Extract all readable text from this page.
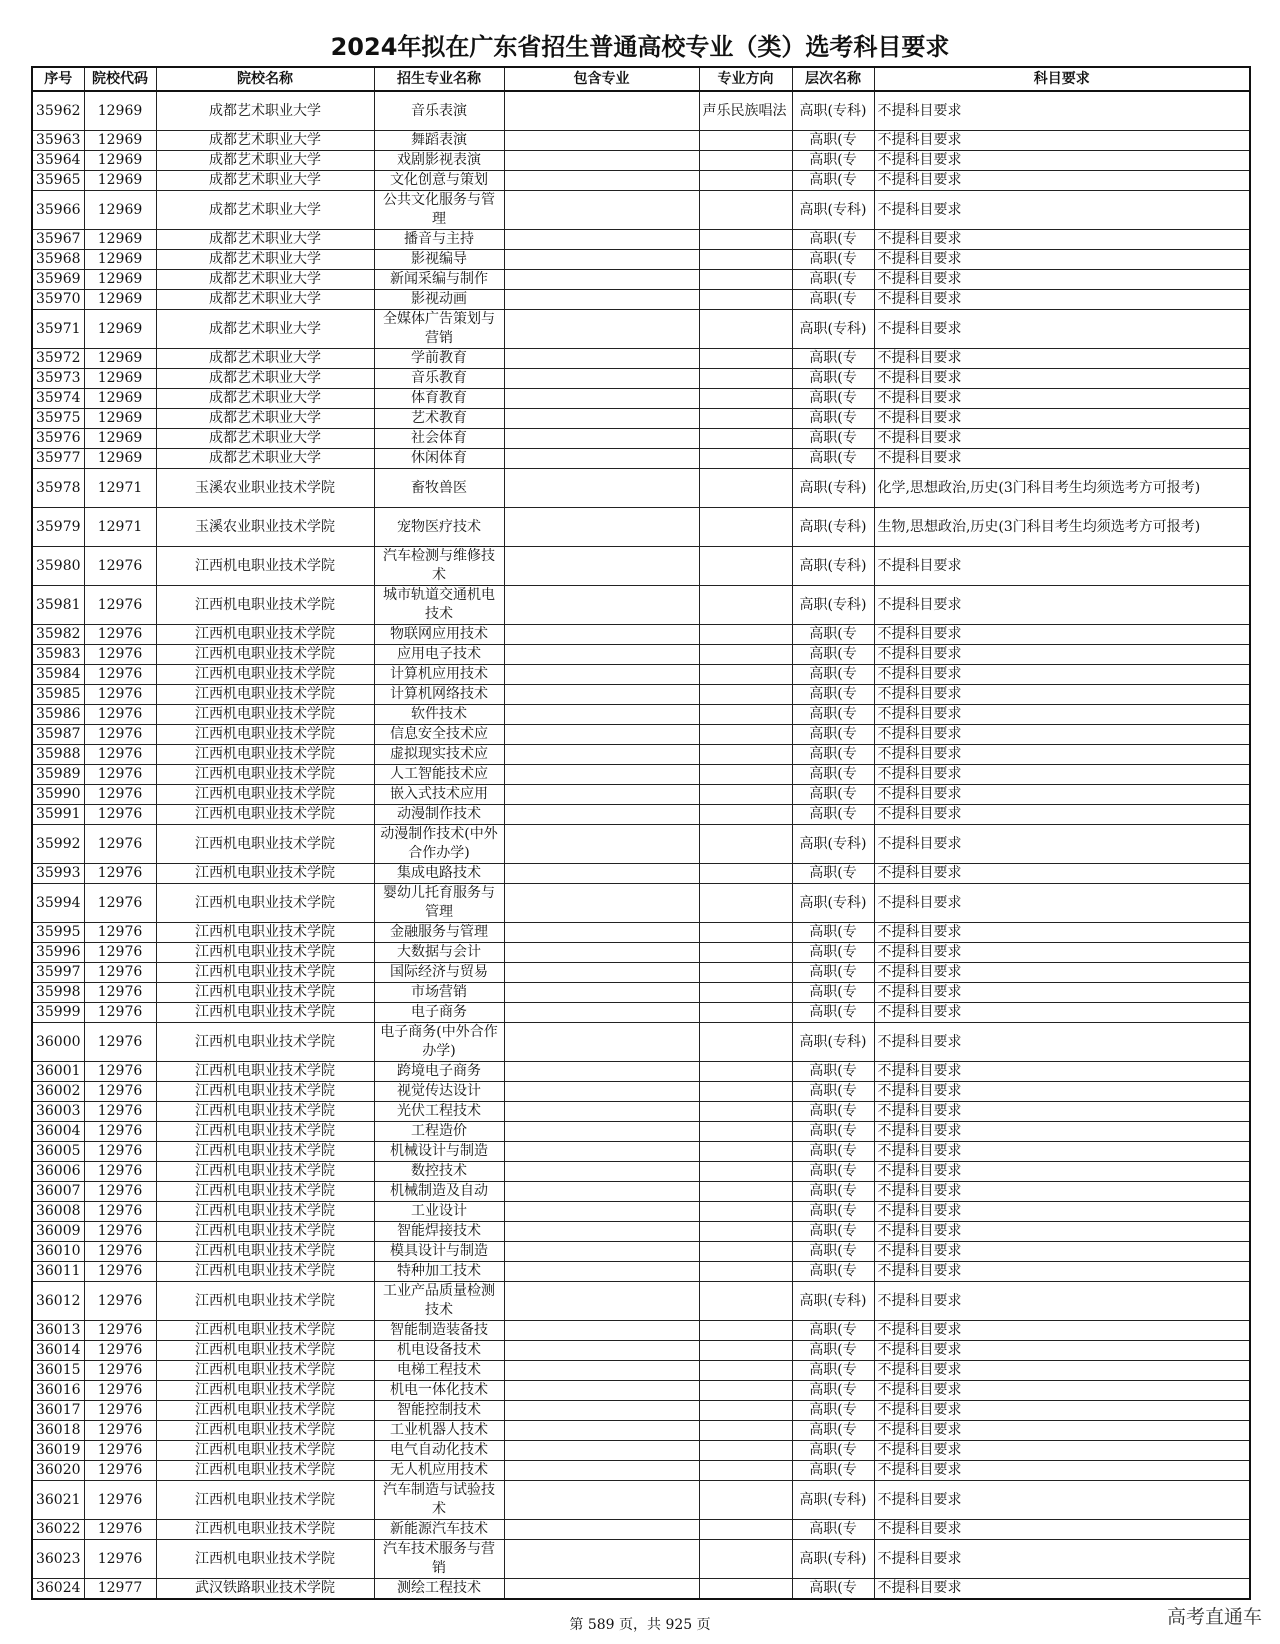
2024年拟在广东省招生普通高校专业（类）选考科目要求
序号	院校代码	院校名称	招生专业名称	包含专业	专业方向	层次名称	科目要求
35962	12969	成都艺术职业大学	音乐表演		声乐民族唱法	高职(专科)	不提科目要求
35963	12969	成都艺术职业大学	舞蹈表演			高职(专	不提科目要求
35964	12969	成都艺术职业大学	戏剧影视表演			高职(专	不提科目要求
35965	12969	成都艺术职业大学	文化创意与策划			高职(专	不提科目要求
35966	12969	成都艺术职业大学	公共文化服务与管理			高职(专科)	不提科目要求
35967	12969	成都艺术职业大学	播音与主持			高职(专	不提科目要求
35968	12969	成都艺术职业大学	影视编导			高职(专	不提科目要求
35969	12969	成都艺术职业大学	新闻采编与制作			高职(专	不提科目要求
35970	12969	成都艺术职业大学	影视动画			高职(专	不提科目要求
35971	12969	成都艺术职业大学	全媒体广告策划与营销			高职(专科)	不提科目要求
35972	12969	成都艺术职业大学	学前教育			高职(专	不提科目要求
35973	12969	成都艺术职业大学	音乐教育			高职(专	不提科目要求
35974	12969	成都艺术职业大学	体育教育			高职(专	不提科目要求
35975	12969	成都艺术职业大学	艺术教育			高职(专	不提科目要求
35976	12969	成都艺术职业大学	社会体育			高职(专	不提科目要求
35977	12969	成都艺术职业大学	休闲体育			高职(专	不提科目要求
35978	12971	玉溪农业职业技术学院	畜牧兽医			高职(专科)	化学,思想政治,历史(3门科目考生均须选考方可报考)
35979	12971	玉溪农业职业技术学院	宠物医疗技术			高职(专科)	生物,思想政治,历史(3门科目考生均须选考方可报考)
35980	12976	江西机电职业技术学院	汽车检测与维修技术			高职(专科)	不提科目要求
35981	12976	江西机电职业技术学院	城市轨道交通机电技术			高职(专科)	不提科目要求
35982	12976	江西机电职业技术学院	物联网应用技术			高职(专	不提科目要求
35983	12976	江西机电职业技术学院	应用电子技术			高职(专	不提科目要求
35984	12976	江西机电职业技术学院	计算机应用技术			高职(专	不提科目要求
35985	12976	江西机电职业技术学院	计算机网络技术			高职(专	不提科目要求
35986	12976	江西机电职业技术学院	软件技术			高职(专	不提科目要求
35987	12976	江西机电职业技术学院	信息安全技术应			高职(专	不提科目要求
35988	12976	江西机电职业技术学院	虚拟现实技术应			高职(专	不提科目要求
35989	12976	江西机电职业技术学院	人工智能技术应			高职(专	不提科目要求
35990	12976	江西机电职业技术学院	嵌入式技术应用			高职(专	不提科目要求
35991	12976	江西机电职业技术学院	动漫制作技术			高职(专	不提科目要求
35992	12976	江西机电职业技术学院	动漫制作技术(中外合作办学)			高职(专科)	不提科目要求
35993	12976	江西机电职业技术学院	集成电路技术			高职(专	不提科目要求
35994	12976	江西机电职业技术学院	婴幼儿托育服务与管理			高职(专科)	不提科目要求
35995	12976	江西机电职业技术学院	金融服务与管理			高职(专	不提科目要求
35996	12976	江西机电职业技术学院	大数据与会计			高职(专	不提科目要求
35997	12976	江西机电职业技术学院	国际经济与贸易			高职(专	不提科目要求
35998	12976	江西机电职业技术学院	市场营销			高职(专	不提科目要求
35999	12976	江西机电职业技术学院	电子商务			高职(专	不提科目要求
36000	12976	江西机电职业技术学院	电子商务(中外合作办学)			高职(专科)	不提科目要求
36001	12976	江西机电职业技术学院	跨境电子商务			高职(专	不提科目要求
36002	12976	江西机电职业技术学院	视觉传达设计			高职(专	不提科目要求
36003	12976	江西机电职业技术学院	光伏工程技术			高职(专	不提科目要求
36004	12976	江西机电职业技术学院	工程造价			高职(专	不提科目要求
36005	12976	江西机电职业技术学院	机械设计与制造			高职(专	不提科目要求
36006	12976	江西机电职业技术学院	数控技术			高职(专	不提科目要求
36007	12976	江西机电职业技术学院	机械制造及自动			高职(专	不提科目要求
36008	12976	江西机电职业技术学院	工业设计			高职(专	不提科目要求
36009	12976	江西机电职业技术学院	智能焊接技术			高职(专	不提科目要求
36010	12976	江西机电职业技术学院	模具设计与制造			高职(专	不提科目要求
36011	12976	江西机电职业技术学院	特种加工技术			高职(专	不提科目要求
36012	12976	江西机电职业技术学院	工业产品质量检测技术			高职(专科)	不提科目要求
36013	12976	江西机电职业技术学院	智能制造装备技			高职(专	不提科目要求
36014	12976	江西机电职业技术学院	机电设备技术			高职(专	不提科目要求
36015	12976	江西机电职业技术学院	电梯工程技术			高职(专	不提科目要求
36016	12976	江西机电职业技术学院	机电一体化技术			高职(专	不提科目要求
36017	12976	江西机电职业技术学院	智能控制技术			高职(专	不提科目要求
36018	12976	江西机电职业技术学院	工业机器人技术			高职(专	不提科目要求
36019	12976	江西机电职业技术学院	电气自动化技术			高职(专	不提科目要求
36020	12976	江西机电职业技术学院	无人机应用技术			高职(专	不提科目要求
36021	12976	江西机电职业技术学院	汽车制造与试验技术			高职(专科)	不提科目要求
36022	12976	江西机电职业技术学院	新能源汽车技术			高职(专	不提科目要求
36023	12976	江西机电职业技术学院	汽车技术服务与营销			高职(专科)	不提科目要求
36024	12977	武汉铁路职业技术学院	测绘工程技术			高职(专	不提科目要求
第 589 页，共 925 页	高考直通车
